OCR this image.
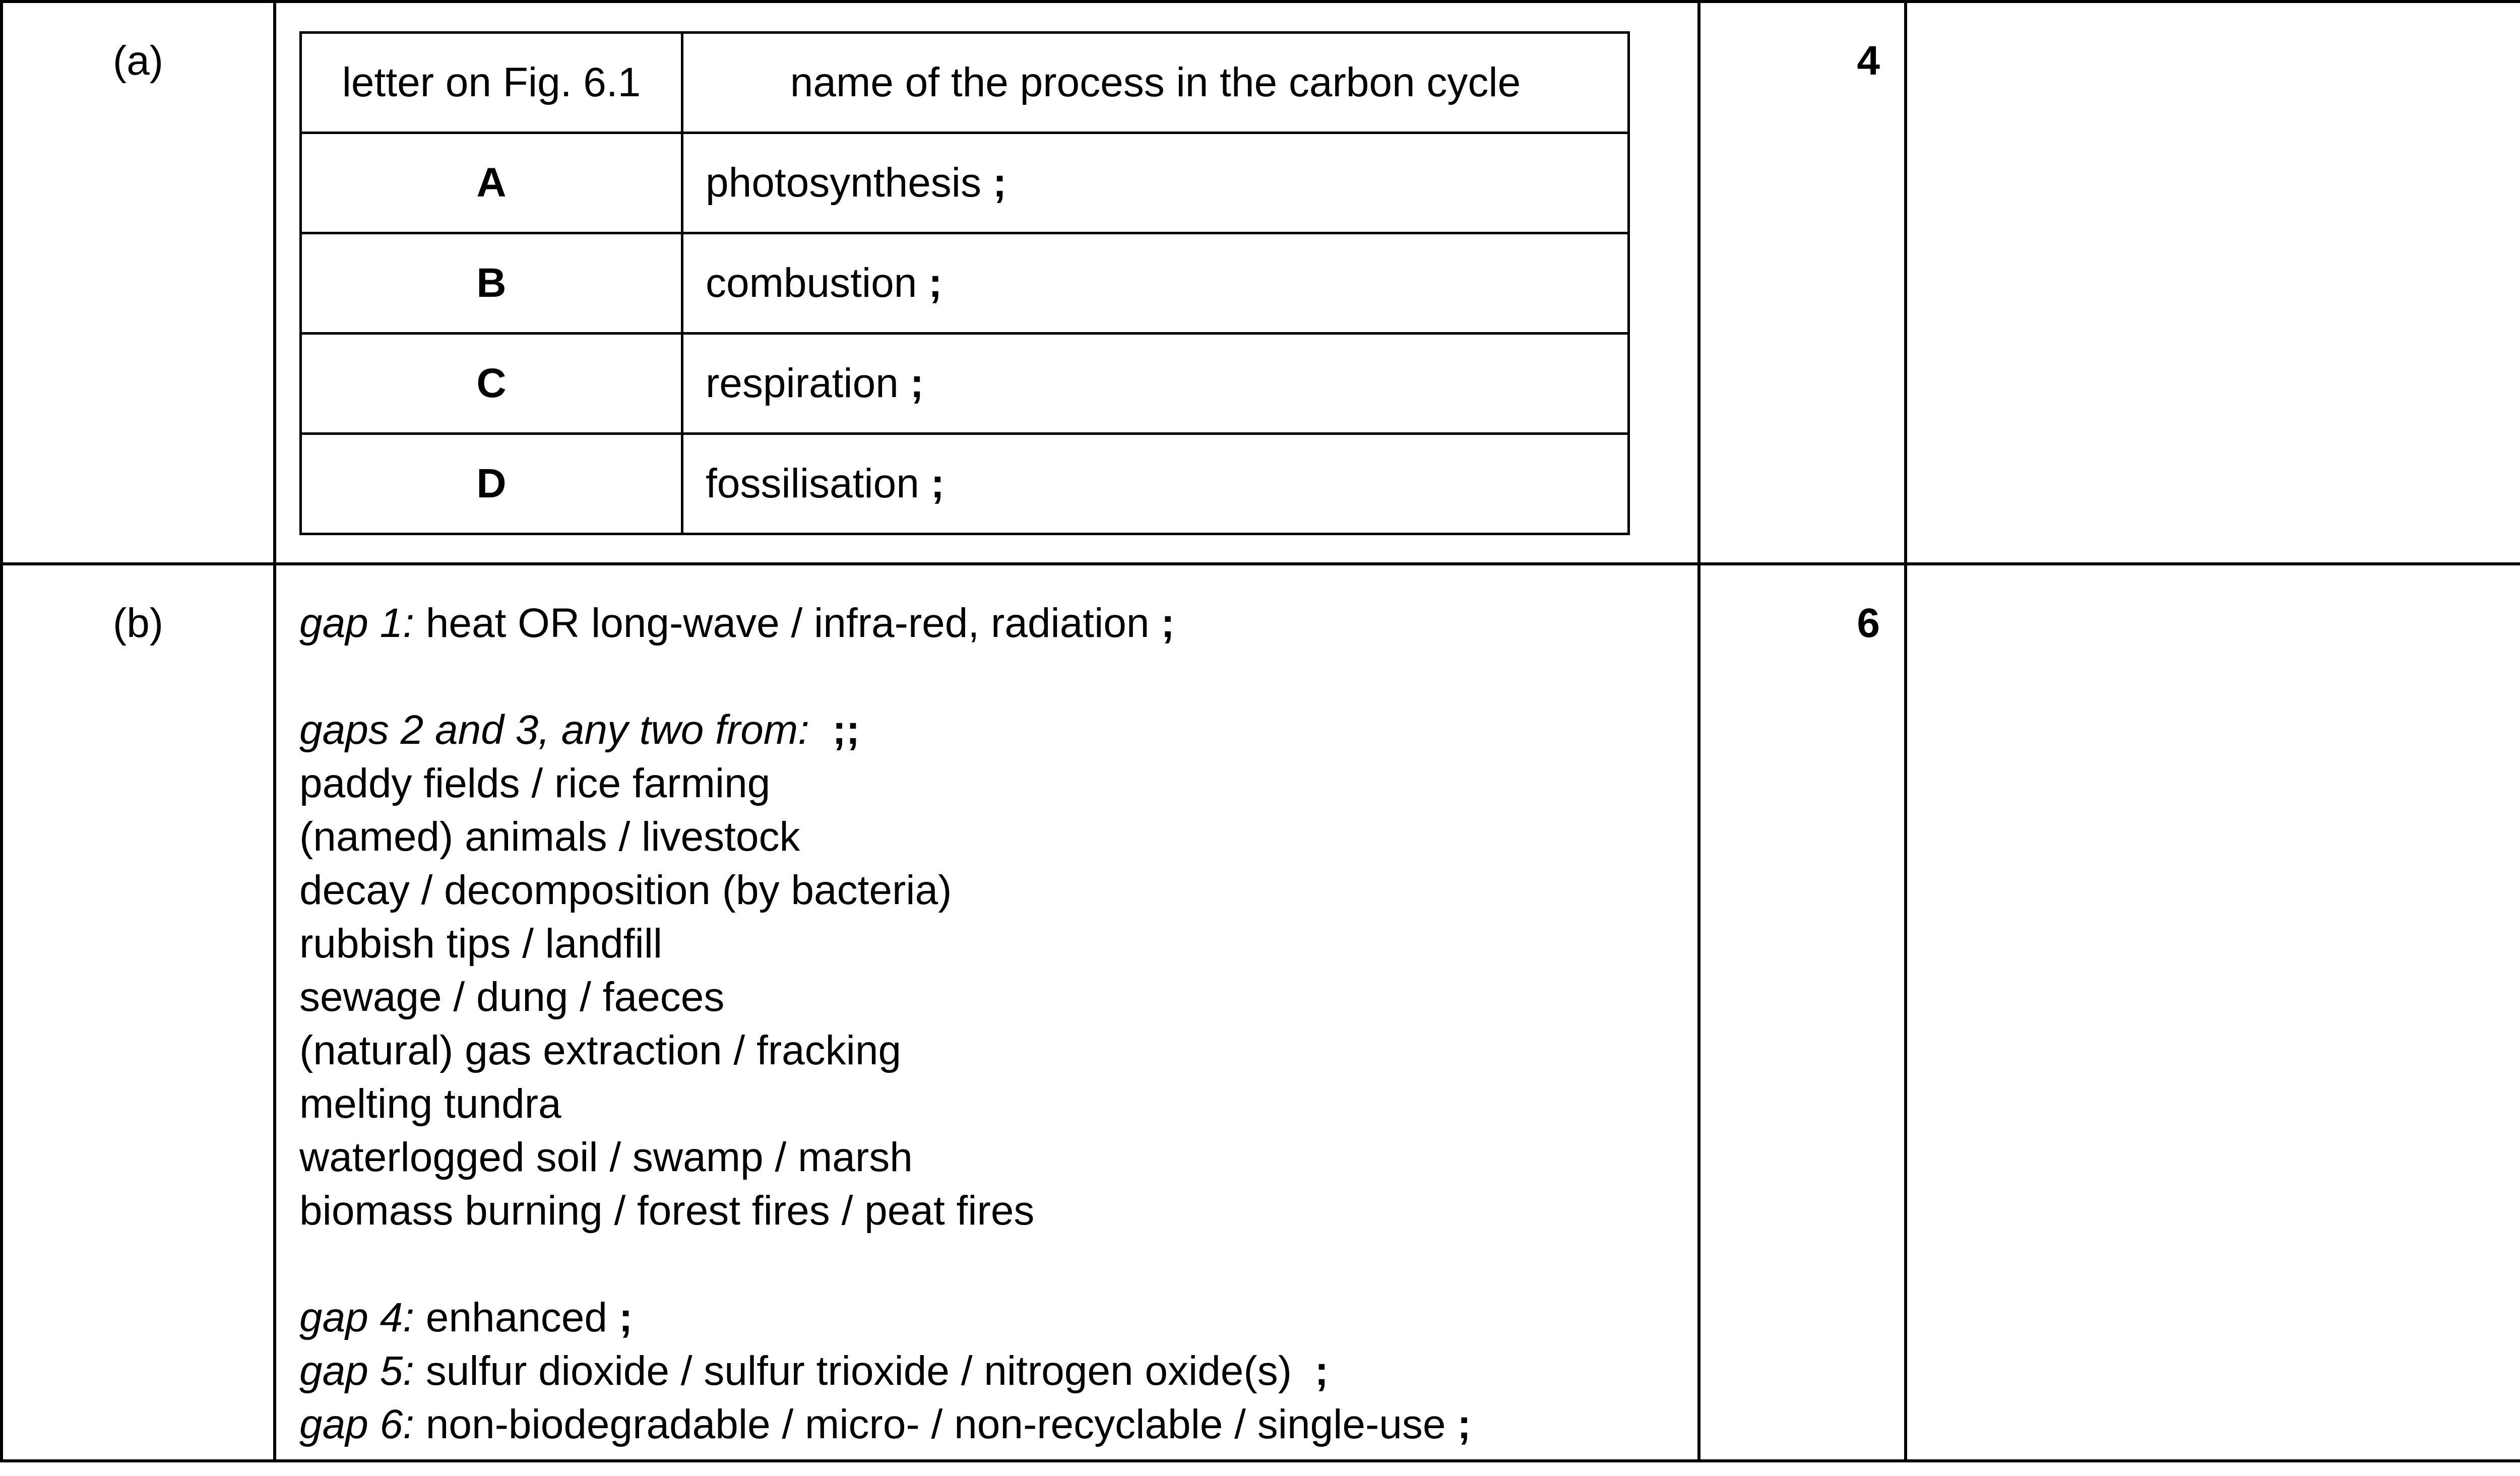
(a)		letter on Fig. 6.1	name of the process in the carbon cycle
A	photosynthesis ;
B	combustion ;
C	respiration ;
D	fossilisation ;
	4	
(b)	gap 1: heat OR long-wave / infra-red, radiation ;
gaps 2 and 3, any two from: ;;
paddy fields / rice farming
(named) animals / livestock
decay / decomposition (by bacteria)
rubbish tips / landfill
sewage / dung / faeces
(natural) gas extraction / fracking
melting tundra
waterlogged soil / swamp / marsh
biomass burning / forest fires / peat fires
gap 4: enhanced ;
gap 5: sulfur dioxide / sulfur trioxide / nitrogen oxide(s) ;
gap 6: non-biodegradable / micro- / non-recyclable / single-use ;
	6	
